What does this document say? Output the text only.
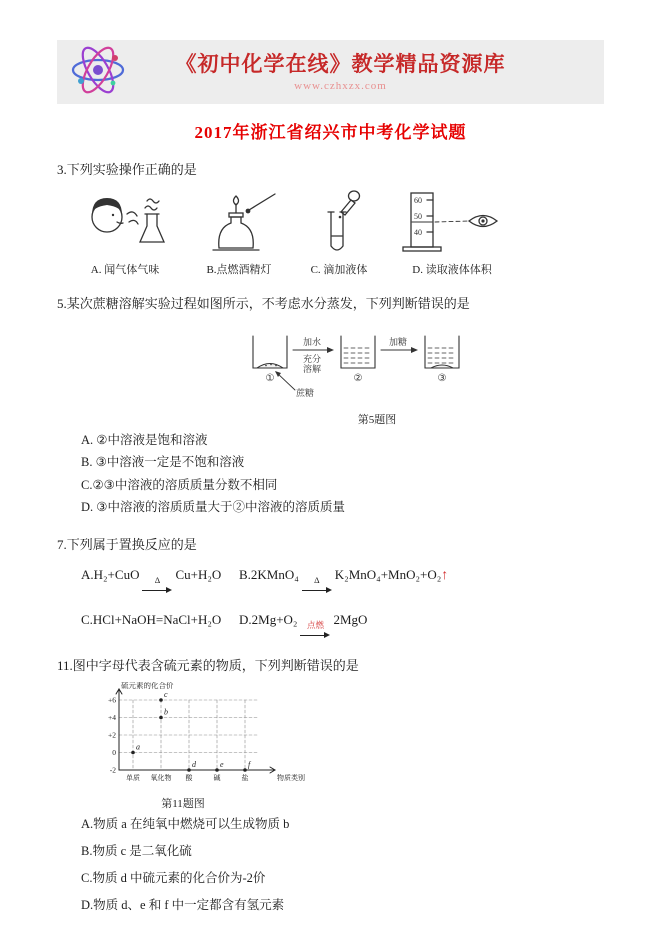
《初中化学在线》教学精品资源库
www.czhxzx.com
2017年浙江省绍兴市中考化学试题

3.下列实验操作正确的是

A. 闻气体气味	B.点燃酒精灯	C. 滴加液体
60
50
40
D. 读取液体体积

5.某次蔗糖溶解实验过程如图所示，不考虑水分蒸发，下列判断错误的是

加水
充分
溶解
加糖
①	②	③
蔗糖
第5题图

A. ②中溶液是饱和溶液

B. ③中溶液一定是不饱和溶液

C.②③中溶液的溶质质量分数不相同

D. ③中溶液的溶质质量大于②中溶液的溶质质量

7.下列属于置换反应的是

A.H₂+CuO Δ Cu+H₂O	B.2KMnO₄ Δ K₂MnO₄+MnO₂+O₂↑
C.HCl+NaOH=NaCl+H₂O	D.2Mg+O₂ 点燃 2MgO

11.图中字母代表含硫元素的物质，下列判断错误的是

+6
+4
+2
0
-2
单质 氧化物 酸	碱	盐
硫元素的化合价
物质类别
a
b
c
d	e	f
第11题图

A.物质 a 在纯氧中燃烧可以生成物质 b

B.物质 c 是二氧化硫

C.物质 d 中硫元素的化合价为-2价

D.物质 d、e 和 f 中一定都含有氢元素
